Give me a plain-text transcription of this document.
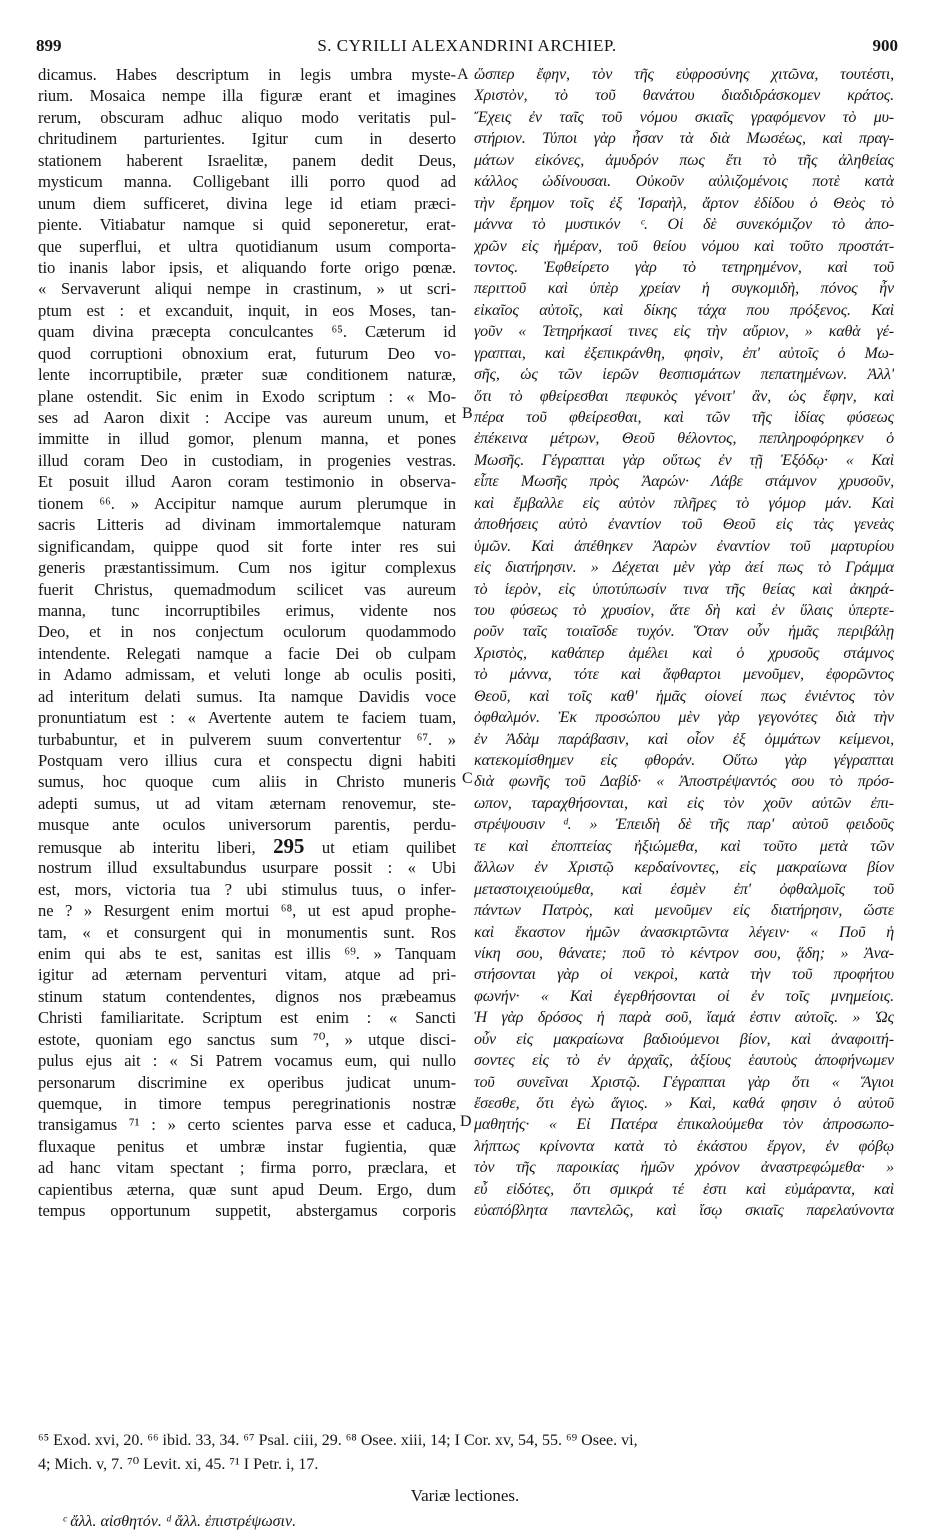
899	S. CYRILLI ALEXANDRINI ARCHIEP.	900
dicamus. Habes descriptum in legis umbra myste-
rium. Mosaica nempe illa figuræ erant et imagines
rerum, obscuram adhuc aliquo modo veritatis pul-
chritudinem parturientes. Igitur cum in deserto
stationem haberent Israelitæ, panem dedit Deus,
mysticum manna. Colligebant illi porro quod ad
unum diem sufficeret, divina lege id etiam præci-
piente. Vitiabatur namque si quid seponeretur, erat-
que superflui, et ultra quotidianum usum comporta-
tio inanis labor ipsis, et aliquando forte origo pœnæ.
« Servaverunt aliqui nempe in crastinum, » ut scri-
ptum est : et excanduit, inquit, in eos Moses, tan-
quam divina præcepta conculcantes ⁶⁵. Cæterum id
quod corruptioni obnoxium erat, futurum Deo vo-
lente incorruptibile, præter suæ conditionem naturæ,
plane ostendit. Sic enim in Exodo scriptum : « Mo-
ses ad Aaron dixit : Accipe vas aureum unum, et
immitte in illud gomor, plenum manna, et pones
illud coram Deo in custodiam, in progenies vestras.
Et posuit illud Aaron coram testimonio in observa-
tionem ⁶⁶. » Accipitur namque aurum plerumque in
sacris Litteris ad divinam immortalemque naturam
significandam, quippe quod sit forte inter res sui
generis præstantissimum. Cum nos igitur complexus
fuerit Christus, quemadmodum scilicet vas aureum
manna, tunc incorruptibiles erimus, vidente nos
Deo, et in nos conjectum oculorum quodammodo
intendente. Relegati namque a facie Dei ob culpam
in Adamo admissam, et veluti longe ab oculis positi,
ad interitum delati sumus. Ita namque Davidis voce
pronuntiatum est : « Avertente autem te faciem tuam,
turbabuntur, et in pulverem suum convertentur ⁶⁷. »
Postquam vero illius cura et conspectu digni habiti
sumus, hoc quoque cum aliis in Christo muneris
adepti sumus, ut ad vitam æternam renovemur, ste-
musque ante oculos universorum parentis, perdu-
remusque ab interitu liberi, 295 ut etiam quilibet
nostrum illud exsultabundus usurpare possit : « Ubi
est, mors, victoria tua ? ubi stimulus tuus, o infer-
ne ? » Resurgent enim mortui ⁶⁸, ut est apud prophe-
tam, « et consurgent qui in monumentis sunt. Ros
enim qui abs te est, sanitas est illis ⁶⁹. » Tanquam
igitur ad æternam perventuri vitam, atque ad pri-
stinum statum contendentes, dignos nos præbeamus
Christi familiaritate. Scriptum est enim : « Sancti
estote, quoniam ego sanctus sum ⁷⁰, » utque disci-
pulus ejus ait : « Si Patrem vocamus eum, qui nullo
personarum discrimine ex operibus judicat unum-
quemque, in timore tempus peregrinationis nostræ
transigamus ⁷¹ : » certo scientes parva esse et caduca,
fluxaque penitus et umbræ instar fugientia, quæ
ad hanc vitam spectant ; firma porro, præclara, et
capientibus æterna, quæ sunt apud Deum. Ergo, dum
tempus opportunum suppetit, abstergamus corporis
ὥσπερ ἔφην, τὸν τῆς εὐφροσύνης χιτῶνα, τουτέστι,
Χριστὸν, τὸ τοῦ θανάτου διαδιδράσκομεν κράτος.
Ἔχεις ἐν ταῖς τοῦ νόμου σκιαῖς γραφόμενον τὸ μυ-
στήριον. Τύποι γὰρ ἦσαν τὰ διὰ Μωσέως, καὶ πραγ-
μάτων εἰκόνες, ἀμυδρόν πως ἔτι τὸ τῆς ἀληθείας
κάλλος ὠδίνουσαι. Οὐκοῦν αὐλιζομένοις ποτὲ κατὰ
τὴν ἔρημον τοῖς ἐξ Ἰσραὴλ, ἄρτον ἐδίδου ὁ Θεὸς τὸ
μάννα τὸ μυστικόν ᶜ. Οἱ δὲ συνεκόμιζον τὸ ἀπο-
χρῶν εἰς ἡμέραν, τοῦ θείου νόμου καὶ τοῦτο προστάτ-
τοντος. Ἐφθείρετο γὰρ τὸ τετηρημένον, καὶ τοῦ
περιττοῦ καὶ ὑπὲρ χρείαν ἡ συγκομιδὴ, πόνος ἦν
εἰκαῖος αὐτοῖς, καὶ δίκης τάχα που πρόξενος. Καὶ
γοῦν « Τετηρήκασί τινες εἰς τὴν αὔριον, » καθὰ γέ-
γραπται, καὶ ἐξεπικράνθη, φησὶν, ἐπ' αὐτοῖς ὁ Μω-
σῆς, ὡς τῶν ἱερῶν θεσπισμάτων πεπατημένων. Ἀλλ'
ὅτι τὸ φθείρεσθαι πεφυκὸς γένοιτ' ἂν, ὡς ἔφην, καὶ
πέρα τοῦ φθείρεσθαι, καὶ τῶν τῆς ἰδίας φύσεως
ἐπέκεινα μέτρων, Θεοῦ θέλοντος, πεπληροφόρηκεν ὁ
Μωσῆς. Γέγραπται γὰρ οὕτως ἐν τῇ Ἐξόδῳ· « Καὶ
εἶπε Μωσῆς πρὸς Ἀαρών· Λάβε στάμνον χρυσοῦν,
καὶ ἔμβαλλε εἰς αὐτὸν πλῆρες τὸ γόμορ μάν. Καὶ
ἀποθήσεις αὐτὸ ἐναντίον τοῦ Θεοῦ εἰς τὰς γενεὰς
ὑμῶν. Καὶ ἀπέθηκεν Ἀαρὼν ἐναντίον τοῦ μαρτυρίου
εἰς διατήρησιν. » Δέχεται μὲν γὰρ ἀεί πως τὸ Γράμμα
τὸ ἱερὸν, εἰς ὑποτύπωσίν τινα τῆς θείας καὶ ἀκηρά-
του φύσεως τὸ χρυσίον, ἅτε δὴ καὶ ἐν ὕλαις ὑπερτε-
ροῦν ταῖς τοιαῖσδε τυχόν. Ὅταν οὖν ἡμᾶς περιβάλῃ
Χριστὸς, καθάπερ ἀμέλει καὶ ὁ χρυσοῦς στάμνος
τὸ μάννα, τότε καὶ ἄφθαρτοι μενοῦμεν, ἐφορῶντος
Θεοῦ, καὶ τοῖς καθ' ἡμᾶς οἱονεί πως ἐνιέντος τὸν
ὀφθαλμόν. Ἐκ προσώπου μὲν γὰρ γεγονότες διὰ τὴν
ἐν Ἀδὰμ παράβασιν, καὶ οἷον ἐξ ὀμμάτων κείμενοι,
κατεκομίσθημεν εἰς φθοράν. Οὕτω γὰρ γέγραπται
διὰ φωνῆς τοῦ Δαβίδ· « Ἀποστρέψαντός σου τὸ πρόσ-
ωπον, ταραχθήσονται, καὶ εἰς τὸν χοῦν αὐτῶν ἐπι-
στρέψουσιν ᵈ. » Ἐπειδὴ δὲ τῆς παρ' αὐτοῦ φειδοῦς
τε καὶ ἐποπτείας ἠξιώμεθα, καὶ τοῦτο μετὰ τῶν
ἄλλων ἐν Χριστῷ κερδαίνοντες, εἰς μακραίωνα βίον
μεταστοιχειούμεθα, καὶ ἐσμὲν ἐπ' ὀφθαλμοῖς τοῦ
πάντων Πατρὸς, καὶ μενοῦμεν εἰς διατήρησιν, ὥστε
καὶ ἕκαστον ἡμῶν ἀνασκιρτῶντα λέγειν· « Ποῦ ἡ
νίκη σου, θάνατε; ποῦ τὸ κέντρον σου, ᾅδη; » Ἀνα-
στήσονται γὰρ οἱ νεκροὶ, κατὰ τὴν τοῦ προφήτου
φωνήν· « Καὶ ἐγερθήσονται οἱ ἐν τοῖς μνημείοις.
Ἡ γὰρ δρόσος ἡ παρὰ σοῦ, ἴαμά ἐστιν αὐτοῖς. » Ὡς
οὖν εἰς μακραίωνα βαδιούμενοι βίον, καὶ ἀναφοιτή-
σοντες εἰς τὸ ἐν ἀρχαῖς, ἀξίους ἑαυτοὺς ἀποφήνωμεν
τοῦ συνεῖναι Χριστῷ. Γέγραπται γὰρ ὅτι « Ἅγιοι
ἔσεσθε, ὅτι ἐγὼ ἅγιος. » Καὶ, καθά φησιν ὁ αὐτοῦ
μαθητής· « Εἰ Πατέρα ἐπικαλούμεθα τὸν ἀπροσωπο-
λήπτως κρίνοντα κατὰ τὸ ἑκάστου ἔργον, ἐν φόβῳ
τὸν τῆς παροικίας ἡμῶν χρόνον ἀναστρεφώμεθα· »
εὖ εἰδότες, ὅτι σμικρά τέ ἐστι καὶ εὐμάραντα, καὶ
εὐαπόβλητα παντελῶς, καὶ ἴσῳ σκιαῖς παρελαύνοντα
A
B
C
D
⁶⁵ Exod. xvi, 20. ⁶⁶ ibid. 33, 34. ⁶⁷ Psal. ciii, 29. ⁶⁸ Osee. xiii, 14; I Cor. xv, 54, 55. ⁶⁹ Osee. vi,
4; Mich. v, 7. ⁷⁰ Levit. xi, 45. ⁷¹ I Petr. i, 17.
Variæ lectiones.
ᶜ ἄλλ. αἰσθητόν. ᵈ ἄλλ. ἐπιστρέψωσιν.
